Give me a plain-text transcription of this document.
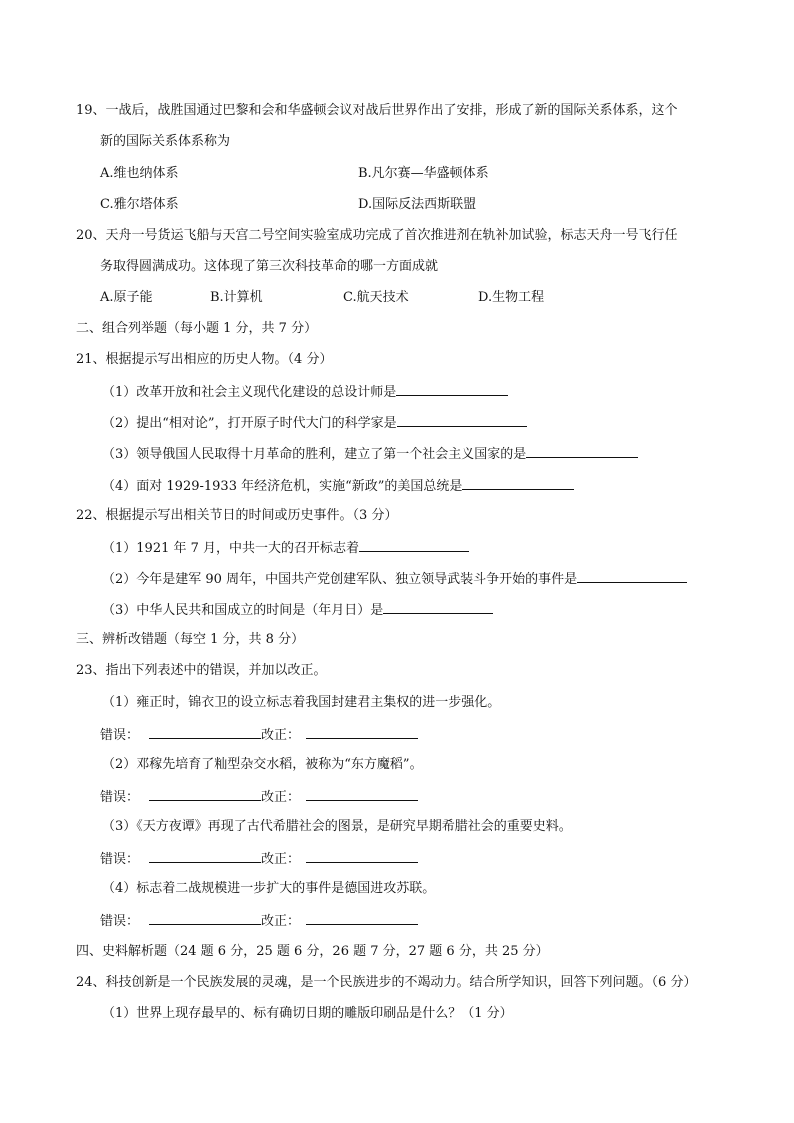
19、一战后，战胜国通过巴黎和会和华盛顿会议对战后世界作出了安排，形成了新的国际关系体系，这个
新的国际关系体系称为
A.维也纳体系	B.凡尔赛—华盛顿体系
C.雅尔塔体系	D.国际反法西斯联盟
20、天舟一号货运飞船与天宫二号空间实验室成功完成了首次推进剂在轨补加试验，标志天舟一号飞行任
务取得圆满成功。这体现了第三次科技革命的哪一方面成就
A.原子能	B.计算机	C.航天技术	D.生物工程
二、组合列举题（每小题 1 分，共 7 分）
21、根据提示写出相应的历史人物。（4 分）
（1）改革开放和社会主义现代化建设的总设计师是
（2）提出“相对论”，打开原子时代大门的科学家是
（3）领导俄国人民取得十月革命的胜利，建立了第一个社会主义国家的是
（4）面对 1929-1933 年经济危机，实施“新政”的美国总统是
22、根据提示写出相关节日的时间或历史事件。（3 分）
（1）1921 年 7 月，中共一大的召开标志着
（2）今年是建军 90 周年，中国共产党创建军队、独立领导武装斗争开始的事件是
（3）中华人民共和国成立的时间是（年月日）是
三、辨析改错题（每空 1 分，共 8 分）
23、指出下列表述中的错误，并加以改正。
（1）雍正时，锦衣卫的设立标志着我国封建君主集权的进一步强化。
错误：	改正：
（2）邓稼先培育了籼型杂交水稻，被称为“东方魔稻”。
错误：	改正：
（3）《天方夜谭》再现了古代希腊社会的图景，是研究早期希腊社会的重要史料。
错误：	改正：
（4）标志着二战规模进一步扩大的事件是德国进攻苏联。
错误：	改正：
四、史料解析题（24 题 6 分，25 题 6 分，26 题 7 分，27 题 6 分，共 25 分）
24、科技创新是一个民族发展的灵魂，是一个民族进步的不竭动力。结合所学知识，回答下列问题。（6 分）
（1）世界上现存最早的、标有确切日期的雕版印刷品是什么？（1 分）
